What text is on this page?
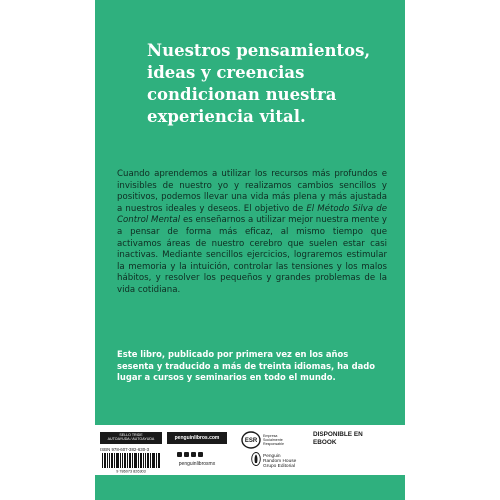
Nuestros pensamientos,
ideas y creencias
condicionan nuestra
experiencia vital.

Cuando aprendemos a utilizar los recursos más profundos e invisibles de nuestro yo y realizamos cambios sencillos y positivos, podemos llevar una vida más plena y más ajustada a nuestros ideales y deseos. El objetivo de El Método Silva de Control Mental es enseñarnos a utilizar mejor nuestra mente y a pensar de forma más eficaz, al mismo tiempo que activamos áreas de nuestro cerebro que suelen estar casi inactivas. Mediante sencillos ejercicios, lograremos estimular la memoria y la intuición, controlar las tensiones y los malos hábitos, y resolver los pequeños y grandes problemas de la vida cotidiana.

Este libro, publicado por primera vez en los años sesenta y traducido a más de treinta idiomas, ha dado lugar a cursos y seminarios en todo el mundo.

SELLO TRIDE
AUTOAYUDA / AUTOAYUDA	penguinlibros.com
ISBN 978-607-382-630-3
9 786073 826303
penguinlibrosmx
ESR
Empresa
Socialmente
Responsable
Penguin
Random House
Grupo Editorial
DISPONIBLE EN
EBOOK
